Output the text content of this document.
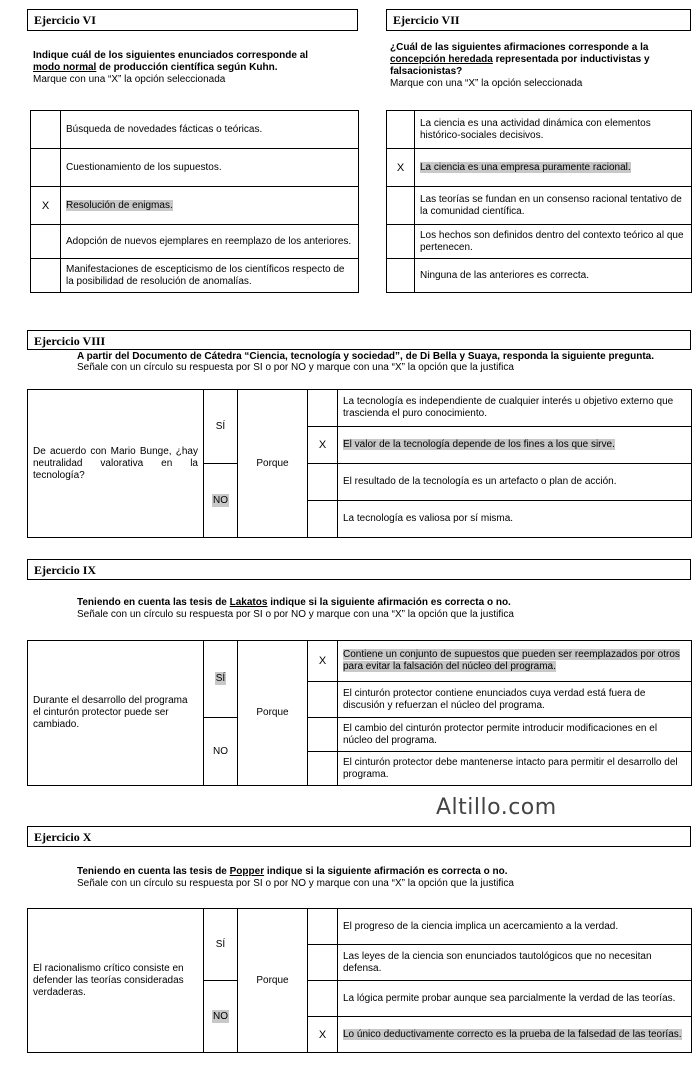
Ejercicio VI
Indique cuál de los siguientes enunciados corresponde al
modo normal de producción científica según Kuhn.
Marque con una “X” la opción seleccionada
	Búsqueda de novedades fácticas o teóricas.
	Cuestionamiento de los supuestos.
X	Resolución de enigmas.
	Adopción de nuevos ejemplares en reemplazo de los anteriores.
	Manifestaciones de escepticismo de los científicos respecto de la posibilidad de resolución de anomalías.
Ejercicio VII
¿Cuál de las siguientes afirmaciones corresponde a la
concepción heredada representada por inductivistas y falsacionistas?
Marque con una “X” la opción seleccionada
	La ciencia es una actividad dinámica con elementos histórico-sociales decisivos.
X	La ciencia es una empresa puramente racional.
	Las teorías se fundan en un consenso racional tentativo de la comunidad científica.
	Los hechos son definidos dentro del contexto teórico al que pertenecen.
	Ninguna de las anteriores es correcta.
Ejercicio VIII
A partir del Documento de Cátedra “Ciencia, tecnología y sociedad”, de Di Bella y Suaya, responda la siguiente pregunta. Señale con un círculo su respuesta por SI o por NO y marque con una “X” la opción que la justifica
De acuerdo con Mario Bunge, ¿hay neutralidad valorativa en la tecnología?	SÍ	Porque		La tecnología es independiente de cualquier interés u objetivo externo que trascienda el puro conocimiento.
			X	El valor de la tecnología depende de los fines a los que sirve.
	NO			El resultado de la tecnología es un artefacto o plan de acción.
				La tecnología es valiosa por sí misma.
Ejercicio IX
Teniendo en cuenta las tesis de Lakatos indique si la siguiente afirmación es correcta o no.
Señale con un círculo su respuesta por SI o por NO y marque con una “X” la opción que la justifica
Durante el desarrollo del programa el cinturón protector puede ser cambiado.	SÍ	Porque	X	Contiene un conjunto de supuestos que pueden ser reemplazados por otros para evitar la falsación del núcleo del programa.
				El cinturón protector contiene enunciados cuya verdad está fuera de discusión y refuerzan el núcleo del programa.
	NO			El cambio del cinturón protector permite introducir modificaciones en el núcleo del programa.
				El cinturón protector debe mantenerse intacto para permitir el desarrollo del programa.
Altillo.com
Ejercicio X
Teniendo en cuenta las tesis de Popper indique si la siguiente afirmación es correcta o no.
Señale con un círculo su respuesta por SI o por NO y marque con una “X” la opción que la justifica
El racionalismo crítico consiste en defender las teorías consideradas verdaderas.	SÍ	Porque		El progreso de la ciencia implica un acercamiento a la verdad.
				Las leyes de la ciencia son enunciados tautológicos que no necesitan defensa.
	NO			La lógica permite probar aunque sea parcialmente la verdad de las teorías.
			X	Lo único deductivamente correcto es la prueba de la falsedad de las teorías.
